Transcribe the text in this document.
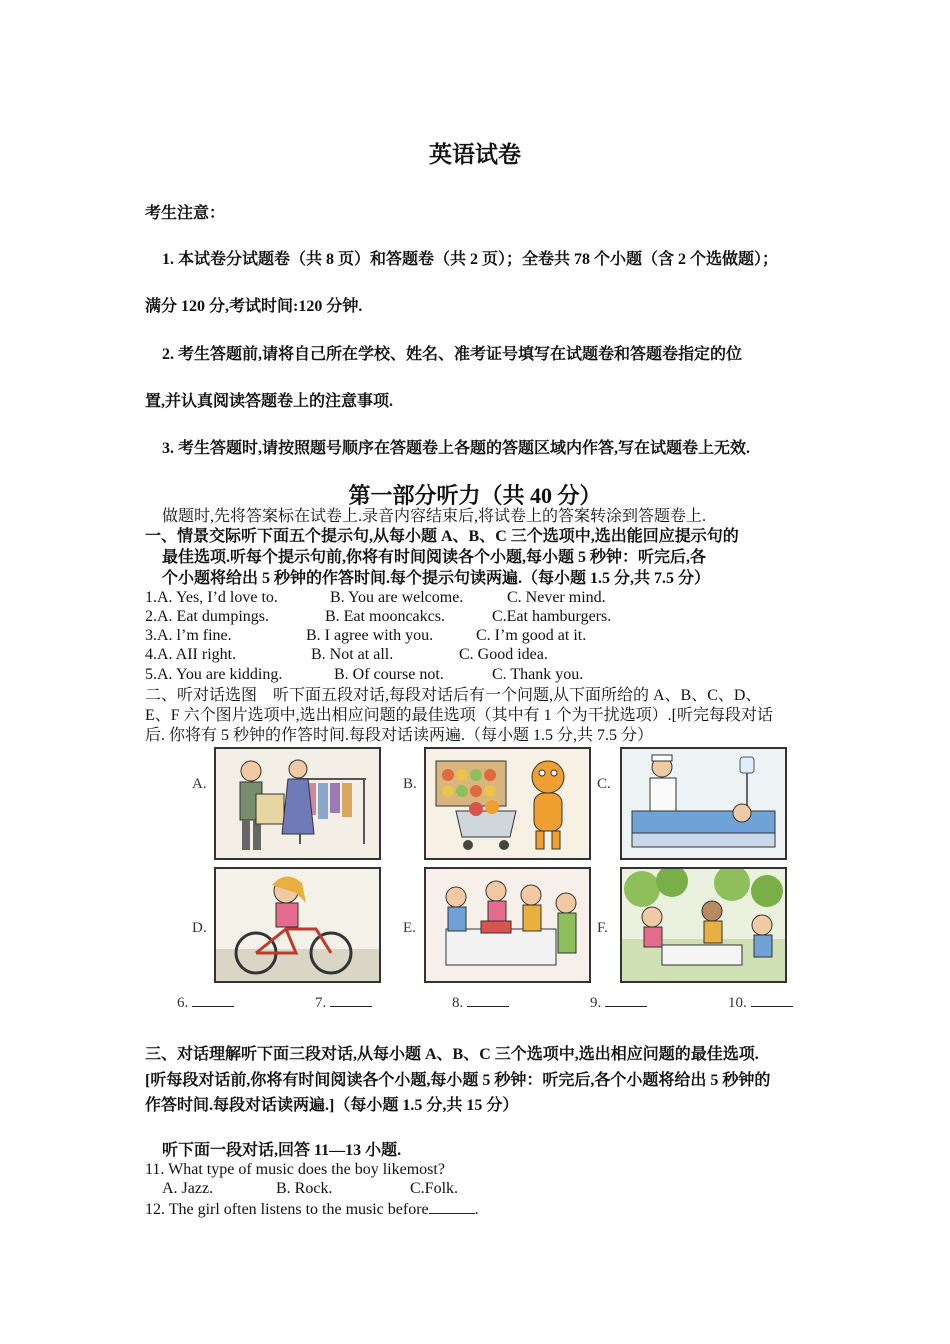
英语试卷
考生注意：
1. 本试卷分试题卷（共 8 页）和答题卷（共 2 页）；全卷共 78 个小题（含 2 个选做题）；
满分 120 分,考试时间:120 分钟.
2. 考生答题前,请将自己所在学校、姓名、准考证号填写在试题卷和答题卷指定的位
置,并认真阅读答题卷上的注意事项.
3. 考生答题时,请按照题号顺序在答题卷上各题的答题区域内作答,写在试题卷上无效.
第一部分听力（共 40 分）
做题时,先将答案标在试卷上.录音内容结束后,将试卷上的答案转涂到答题卷上.
一、情景交际听下面五个提示句,从每小题 A、B、C 三个选项中,选出能回应提示句的
最佳选项.听每个提示句前,你将有时间阅读各个小题,每小题 5 秒钟：听完后,各
个小题将给出 5 秒钟的作答时间.每个提示句读两遍.（每小题 1.5 分,共 7.5 分）
1.A. Yes, I’d love to.	B. You are welcome.	C. Never mind.
2.A. Eat dumpings.	B. Eat mooncakcs.	C.Eat hamburgers.
3.A. l’m fine.	B. I agree with you.	C. I’m good at it.
4.A. AII right.	B. Not at all.	C. Good idea.
5.A. You are kidding.	B. Of course not.	C. Thank you.
二、听对话选图　听下面五段对话,每段对话后有一个问题,从下面所给的 A、B、C、D、
E、F 六个图片选项中,选出相应问题的最佳选项（其中有 1 个为干扰选项）.[听完每段对话
后. 你将有 5 秒钟的作答时间.每段对话读两遍.（每小题 1.5 分,共 7.5 分）
A.	B.	C.
D.	E.	F.
6.	7.	8.	9.	10.
三、对话理解听下面三段对话,从每小题 A、B、C 三个选项中,选出相应问题的最佳选项.
[听每段对话前,你将有时间阅读各个小题,每小题 5 秒钟：听完后,各个小题将给出 5 秒钟的
作答时间.每段对话读两遍.]（每小题 1.5 分,共 15 分）
听下面一段对话,回答 11—13 小题.
11. What type of music does the boy likemost?
A. Jazz.	B. Rock.	C.Folk.
12. The girl often listens to the music before	.
